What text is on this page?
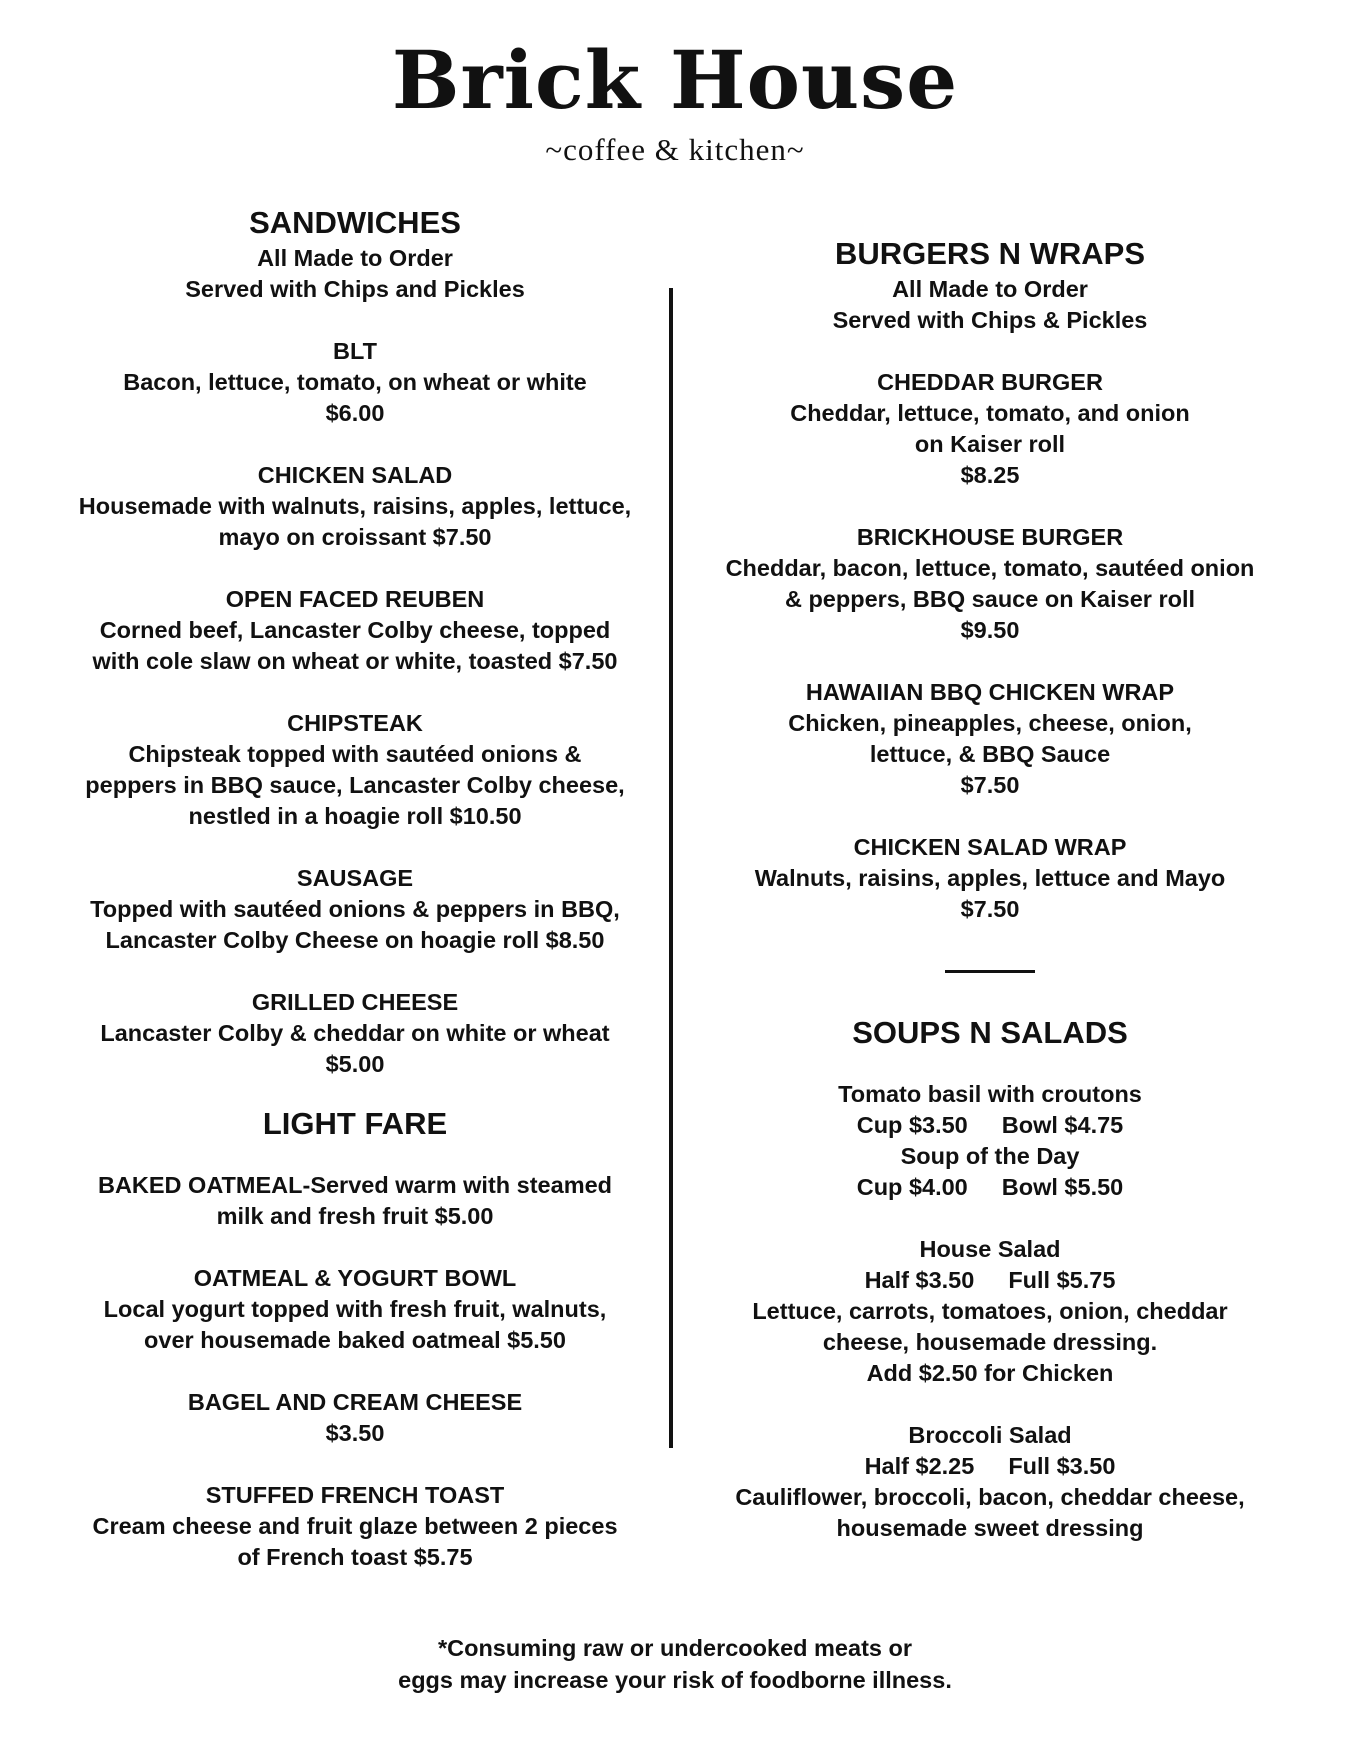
Brick House
~coffee & kitchen~
SANDWICHES
All Made to Order
Served with Chips and Pickles
BLT
Bacon, lettuce, tomato, on wheat or white
$6.00
CHICKEN SALAD
Housemade with walnuts, raisins, apples, lettuce,
mayo on croissant $7.50
OPEN FACED REUBEN
Corned beef, Lancaster Colby cheese, topped
with cole slaw on wheat or white, toasted $7.50
CHIPSTEAK
Chipsteak topped with sautéed onions &
peppers in BBQ sauce, Lancaster Colby cheese,
nestled in a hoagie roll $10.50
SAUSAGE
Topped with sautéed onions & peppers in BBQ,
Lancaster Colby Cheese on hoagie roll $8.50
GRILLED CHEESE
Lancaster Colby & cheddar on white or wheat
$5.00
LIGHT FARE
BAKED OATMEAL-Served warm with steamed
milk and fresh fruit $5.00
OATMEAL & YOGURT BOWL
Local yogurt topped with fresh fruit, walnuts,
over housemade baked oatmeal $5.50
BAGEL AND CREAM CHEESE
$3.50
STUFFED FRENCH TOAST
Cream cheese and fruit glaze between 2 pieces
of French toast $5.75
BURGERS N WRAPS
All Made to Order
Served with Chips & Pickles
CHEDDAR BURGER
Cheddar, lettuce, tomato, and onion
on Kaiser roll
$8.25
BRICKHOUSE BURGER
Cheddar, bacon, lettuce, tomato, sautéed onion
& peppers, BBQ sauce on Kaiser roll
$9.50
HAWAIIAN BBQ CHICKEN WRAP
Chicken, pineapples, cheese, onion,
lettuce, & BBQ Sauce
$7.50
CHICKEN SALAD WRAP
Walnuts, raisins, apples, lettuce and Mayo
$7.50
SOUPS N SALADS
Tomato basil with croutons
Cup $3.50 Bowl $4.75
Soup of the Day
Cup $4.00 Bowl $5.50
House Salad
Half $3.50 Full $5.75
Lettuce, carrots, tomatoes, onion, cheddar
cheese, housemade dressing.
Add $2.50 for Chicken
Broccoli Salad
Half $2.25 Full $3.50
Cauliflower, broccoli, bacon, cheddar cheese,
housemade sweet dressing
*Consuming raw or undercooked meats or
eggs may increase your risk of foodborne illness.
